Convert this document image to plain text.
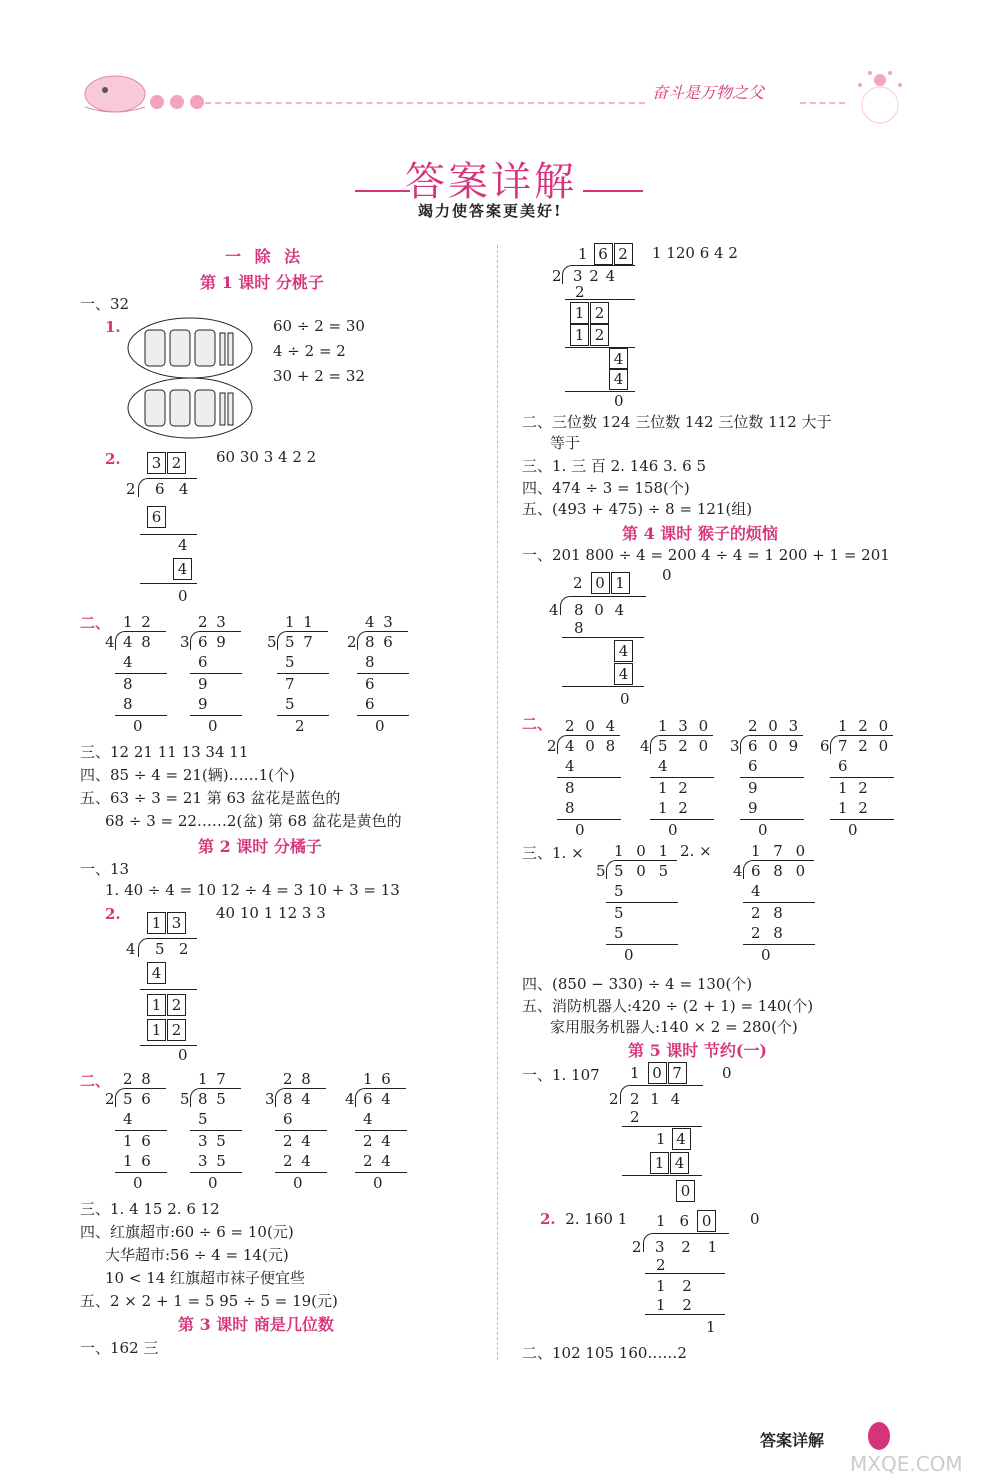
奋斗是万物之父
答案详解
竭力使答案更美好!
一 除 法
第 1 课时 分桃子
一、32
1.	60 ÷ 2 = 30
4 ÷ 2 = 2
30 + 2 = 32
2.	60 30 3 4 2 2
3 2
2 6 4
6
4
4
0
二、 1 2
4 4 8
4
8
8
0
2 3
3 6 9
6
9
9
0
1 1
5 5 7
5
7
5
2
4 3
2 8 6
8
6
6
0
三、12 21 11 13 34 11
四、85 ÷ 4 = 21(辆)……1(个)
五、63 ÷ 3 = 21 第 63 盆花是蓝色的
68 ÷ 3 = 22……2(盆) 第 68 盆花是黄色的
第 2 课时 分橘子
一、13
1. 40 ÷ 4 = 10 12 ÷ 4 = 3 10 + 3 = 13
2.	40 10 1 12 3 3
1 3
4 5 2
4
1 2
1 2
0
二、 2 8
2 5 6
4
1 6
1 6
0
1 7
5 8 5
5
3 5
3 5
0
2 8
3 8 4
6
2 4
2 4
0
1 6
4 6 4
4
2 4
2 4
0
三、1. 4 15 2. 6 12
四、红旗超市:60 ÷ 6 = 10(元)
大华超市:56 ÷ 4 = 14(元)
10 < 14 红旗超市袜子便宜些
五、2 × 2 + 1 = 5 95 ÷ 5 = 19(元)
第 3 课时 商是几位数
一、162 三
1 6 2	1 120 6 4 2
2 3 2 4
2
1 2
1 2
4
4
0
二、三位数 124 三位数 142 三位数 112 大于
等于
三、1. 三 百 2. 146 3. 6 5
四、474 ÷ 3 = 158(个)
五、(493 + 475) ÷ 8 = 121(组)
第 4 课时 猴子的烦恼
一、201 800 ÷ 4 = 200 4 ÷ 4 = 1 200 + 1 = 201
2 0 1	0
4 8 0 4
8
4
4
0
二、 2 0 4
2 4 0 8
4
8
8
0
1 3 0
4 5 2 0
4
1 2
1 2
0
2 0 3
3 6 0 9
6
9
9
0
1 2 0
6 7 2 0
6
1 2
1 2
0
三、1. ×	2. ×
1 0 1
5 5 0 5
5
5
5
0
1 7 0
4 6 8 0
4
2 8
2 8
0
四、(850 − 330) ÷ 4 = 130(个)
五、消防机器人:420 ÷ (2 + 1) = 140(个)
家用服务机器人:140 × 2 = 280(个)
第 5 课时 节约(一)
一、1. 107 1 0 7	0
2 2 1 4
2
1 4
1 4
0
2. 2. 160 1 1 6 0	0
2 3 2 1
2
1 2
1 2
1
二、102 105 160……2
答案详解
MXQE.COM
